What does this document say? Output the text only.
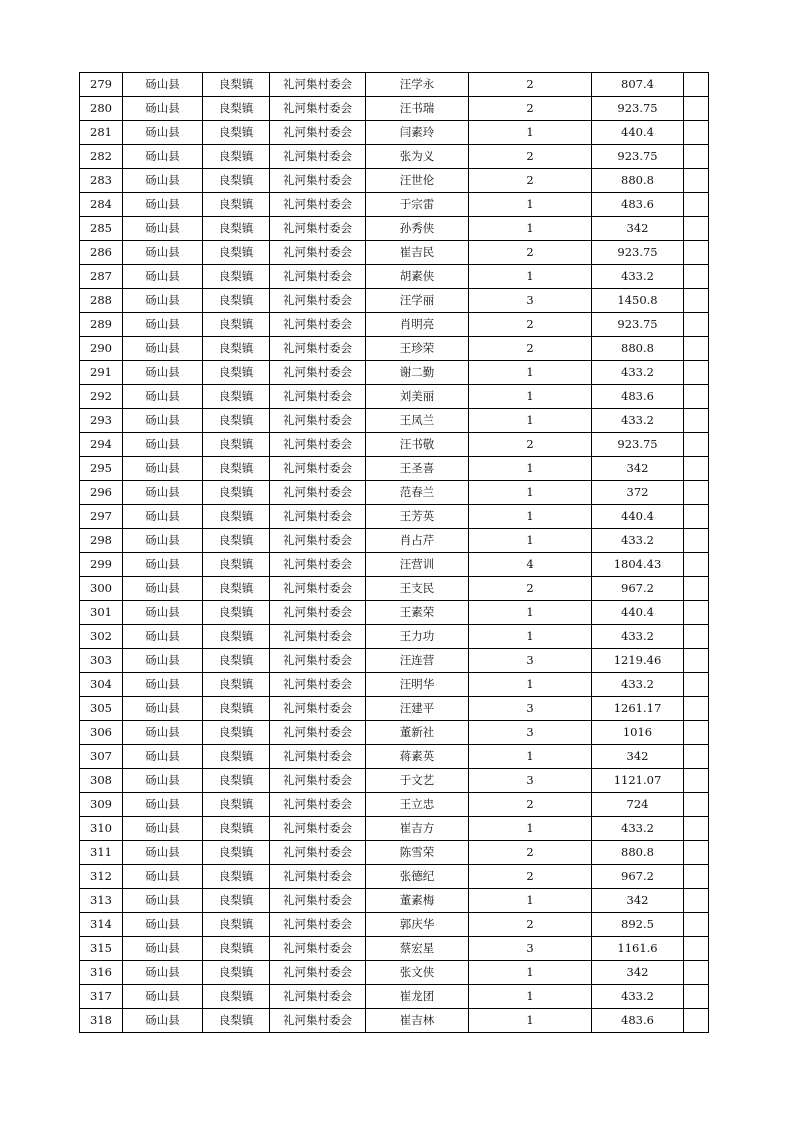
279	砀山县	良梨镇	礼河集村委会	汪学永	2	807.4	
280	砀山县	良梨镇	礼河集村委会	汪书瑞	2	923.75	
281	砀山县	良梨镇	礼河集村委会	闫素玲	1	440.4	
282	砀山县	良梨镇	礼河集村委会	张为义	2	923.75	
283	砀山县	良梨镇	礼河集村委会	汪世伦	2	880.8	
284	砀山县	良梨镇	礼河集村委会	于宗雷	1	483.6	
285	砀山县	良梨镇	礼河集村委会	孙秀侠	1	342	
286	砀山县	良梨镇	礼河集村委会	崔吉民	2	923.75	
287	砀山县	良梨镇	礼河集村委会	胡素侠	1	433.2	
288	砀山县	良梨镇	礼河集村委会	汪学丽	3	1450.8	
289	砀山县	良梨镇	礼河集村委会	肖明亮	2	923.75	
290	砀山县	良梨镇	礼河集村委会	王珍荣	2	880.8	
291	砀山县	良梨镇	礼河集村委会	谢二勤	1	433.2	
292	砀山县	良梨镇	礼河集村委会	刘美丽	1	483.6	
293	砀山县	良梨镇	礼河集村委会	王凤兰	1	433.2	
294	砀山县	良梨镇	礼河集村委会	汪书敬	2	923.75	
295	砀山县	良梨镇	礼河集村委会	王圣喜	1	342	
296	砀山县	良梨镇	礼河集村委会	范春兰	1	372	
297	砀山县	良梨镇	礼河集村委会	王芳英	1	440.4	
298	砀山县	良梨镇	礼河集村委会	肖占芹	1	433.2	
299	砀山县	良梨镇	礼河集村委会	汪营训	4	1804.43	
300	砀山县	良梨镇	礼河集村委会	王支民	2	967.2	
301	砀山县	良梨镇	礼河集村委会	王素荣	1	440.4	
302	砀山县	良梨镇	礼河集村委会	王力功	1	433.2	
303	砀山县	良梨镇	礼河集村委会	汪连营	3	1219.46	
304	砀山县	良梨镇	礼河集村委会	汪明华	1	433.2	
305	砀山县	良梨镇	礼河集村委会	汪建平	3	1261.17	
306	砀山县	良梨镇	礼河集村委会	董新社	3	1016	
307	砀山县	良梨镇	礼河集村委会	蒋素英	1	342	
308	砀山县	良梨镇	礼河集村委会	于文艺	3	1121.07	
309	砀山县	良梨镇	礼河集村委会	王立忠	2	724	
310	砀山县	良梨镇	礼河集村委会	崔吉方	1	433.2	
311	砀山县	良梨镇	礼河集村委会	陈雪荣	2	880.8	
312	砀山县	良梨镇	礼河集村委会	张德纪	2	967.2	
313	砀山县	良梨镇	礼河集村委会	董素梅	1	342	
314	砀山县	良梨镇	礼河集村委会	郭庆华	2	892.5	
315	砀山县	良梨镇	礼河集村委会	蔡宏星	3	1161.6	
316	砀山县	良梨镇	礼河集村委会	张文侠	1	342	
317	砀山县	良梨镇	礼河集村委会	崔龙团	1	433.2	
318	砀山县	良梨镇	礼河集村委会	崔吉林	1	483.6	
